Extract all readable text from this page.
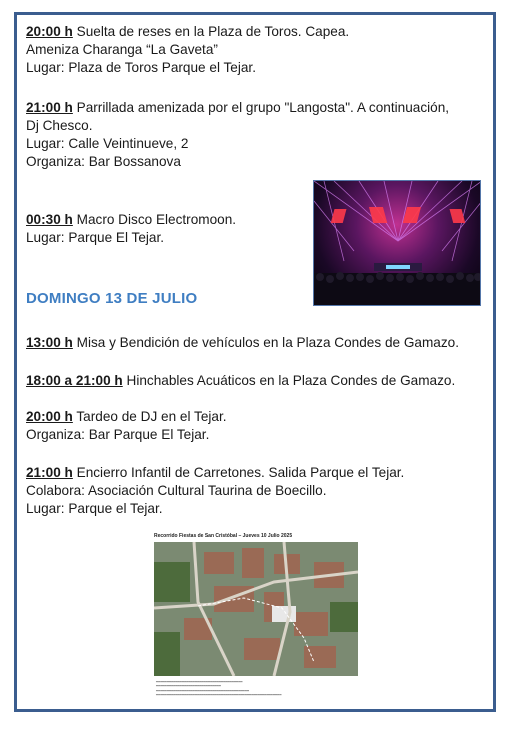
20:00 h Suelta de reses en la Plaza de Toros. Capea.

Ameniza Charanga “La Gaveta”

Lugar: Plaza de Toros Parque el Tejar.

21:00 h Parrillada amenizada por el grupo "Langosta". A continuación,

Dj Chesco.

Lugar: Calle Veintinueve, 2

Organiza: Bar Bossanova

00:30 h Macro Disco Electromoon.

Lugar: Parque El Tejar.

DOMINGO 13 DE JULIO

13:00 h Misa y Bendición de vehículos en la Plaza Condes de Gamazo.

18:00 a 21:00 h Hinchables Acuáticos en la Plaza Condes de Gamazo.

20:00 h Tardeo de DJ en el Tejar.

Organiza: Bar Parque El Tejar.

21:00 h Encierro Infantil de Carretones. Salida Parque el Tejar.

Colabora: Asociación Cultural Taurina de Boecillo.

Lugar: Parque el Tejar.

Recorrido Fiestas de San Cristóbal – Jueves 10 Julio 2025
━━━━━━━━━━━━━━━━━━━━━━━━━━━━━━━━━━━━━━━━
━━━━━━━━━━━━━━━━━━━━━━━━━━━━━━
━━━━━━━━━━━━━━━━━━━━━━━━━━━━━━━━━━━━━━━━━━━
━━━━━━━━━━━━━━━━━━━━━━━━━━━━━━━━━━━━━━━━━━━━━━━━━━━━━━━━━━
